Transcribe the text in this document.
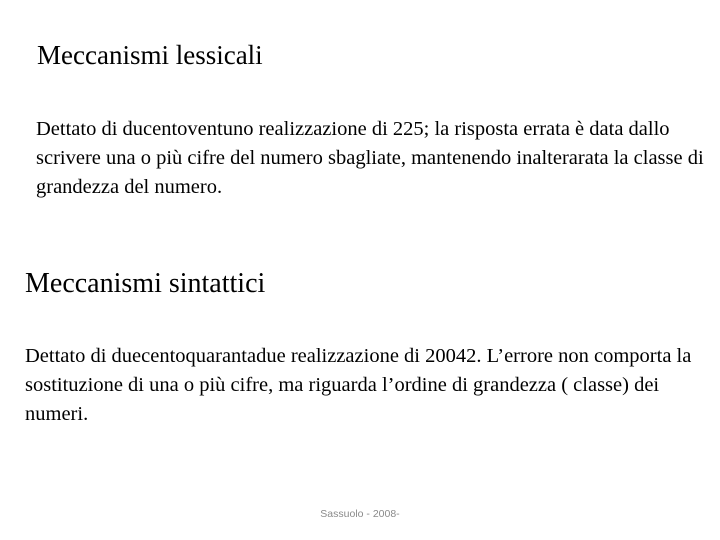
Meccanismi lessicali
Dettato di ducentoventuno realizzazione di 225; la risposta errata è data dallo scrivere una o più cifre del numero sbagliate, mantenendo inalterarata la classe di grandezza del numero.
Meccanismi sintattici
Dettato di duecentoquarantadue realizzazione di 20042. L’errore non comporta la sostituzione di una o più cifre, ma riguarda l’ordine di grandezza ( classe) dei numeri.
Sassuolo - 2008-
